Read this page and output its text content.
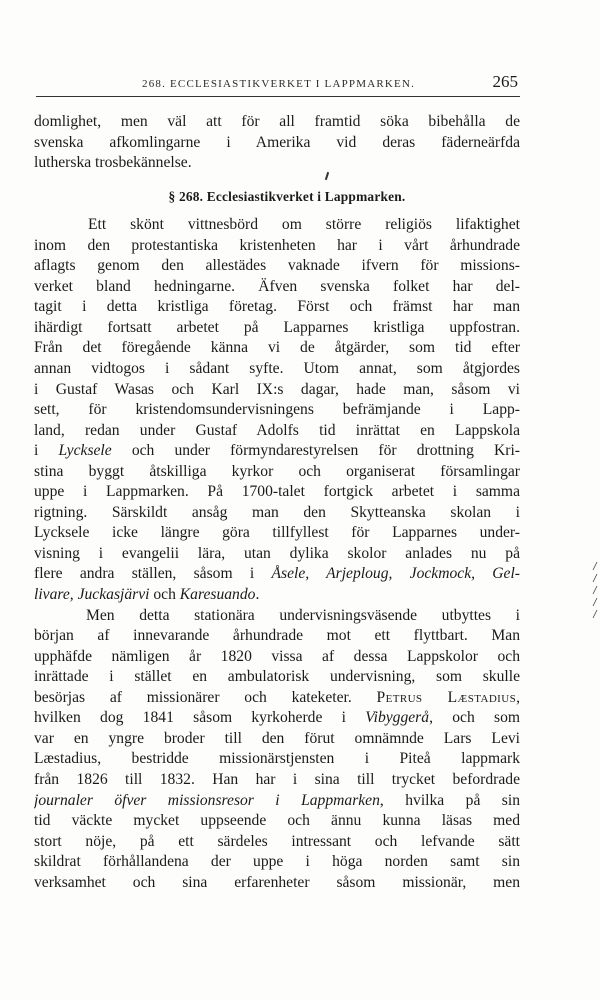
268. ECCLESIASTIKVERKET I LAPPMARKEN.	265
domlighet, men väl att för all framtid söka bibehålla de
svenska afkomlingarne i Amerika vid deras fäderneärfda
lutherska trosbekännelse.
§ 268. Ecclesiastikverket i Lappmarken.
Ett skönt vittnesbörd om större religiös lifaktighet
inom den protestantiska kristenheten har i vårt århundrade
aflagts genom den allestädes vaknade ifvern för missions-
verket bland hedningarne. Äfven svenska folket har del-
tagit i detta kristliga företag. Först och främst har man
ihärdigt fortsatt arbetet på Lapparnes kristliga uppfostran.
Från det föregående känna vi de åtgärder, som tid efter
annan vidtogos i sådant syfte. Utom annat, som åtgjordes
i Gustaf Wasas och Karl IX:s dagar, hade man, såsom vi
sett, för kristendomsundervisningens befrämjande i Lapp-
land, redan under Gustaf Adolfs tid inrättat en Lappskola
i Lycksele och under förmyndarestyrelsen för drottning Kri-
stina byggt åtskilliga kyrkor och organiserat församlingar
uppe i Lappmarken. På 1700-talet fortgick arbetet i samma
rigtning. Särskildt ansåg man den Skytteanska skolan i
Lycksele icke längre göra tillfyllest för Lapparnes under-
visning i evangelii lära, utan dylika skolor anlades nu på
flere andra ställen, såsom i Åsele, Arjeploug, Jockmock, Gel-
livare, Juckasjärvi och Karesuando.
Men detta stationära undervisningsväsende utbyttes i
början af innevarande århundrade mot ett flyttbart. Man
upphäfde nämligen år 1820 vissa af dessa Lappskolor och
inrättade i stället en ambulatorisk undervisning, som skulle
besörjas af missionärer och kateketer. Petrus Læstadius,
hvilken dog 1841 såsom kyrkoherde i Vibyggerå, och som
var en yngre broder till den förut omnämnde Lars Levi
Læstadius, bestridde missionärstjensten i Piteå lappmark
från 1826 till 1832. Han har i sina till trycket befordrade
journaler öfver missionsresor i Lappmarken, hvilka på sin
tid väckte mycket uppseende och ännu kunna läsas med
stort nöje, på ett särdeles intressant och lefvande sätt
skildrat förhållandena der uppe i höga norden samt sin
verksamhet och sina erfarenheter såsom missionär, men
